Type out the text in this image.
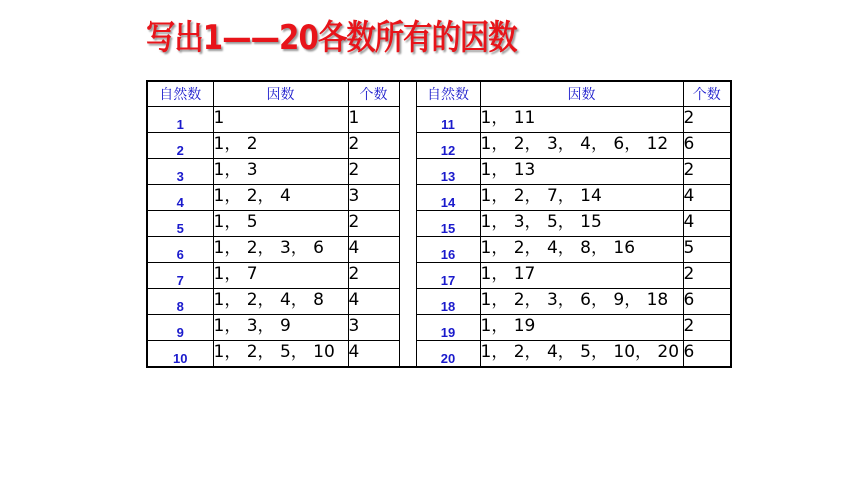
写出1——20各数所有的因数
自然数	因数	个数		自然数	因数	个数
1	1	1		11	1， 11	2
2	1， 2	2		12	1， 2， 3， 4， 6， 12	6
3	1， 3	2		13	1， 13	2
4	1， 2， 4	3		14	1， 2， 7， 14	4
5	1， 5	2		15	1， 3， 5， 15	4
6	1， 2， 3， 6	4		16	1， 2， 4， 8， 16	5
7	1， 7	2		17	1， 17	2
8	1， 2， 4， 8	4		18	1， 2， 3， 6， 9， 18	6
9	1， 3， 9	3		19	1， 19	2
10	1， 2， 5， 10	4		20	1， 2， 4， 5， 10， 20	6
